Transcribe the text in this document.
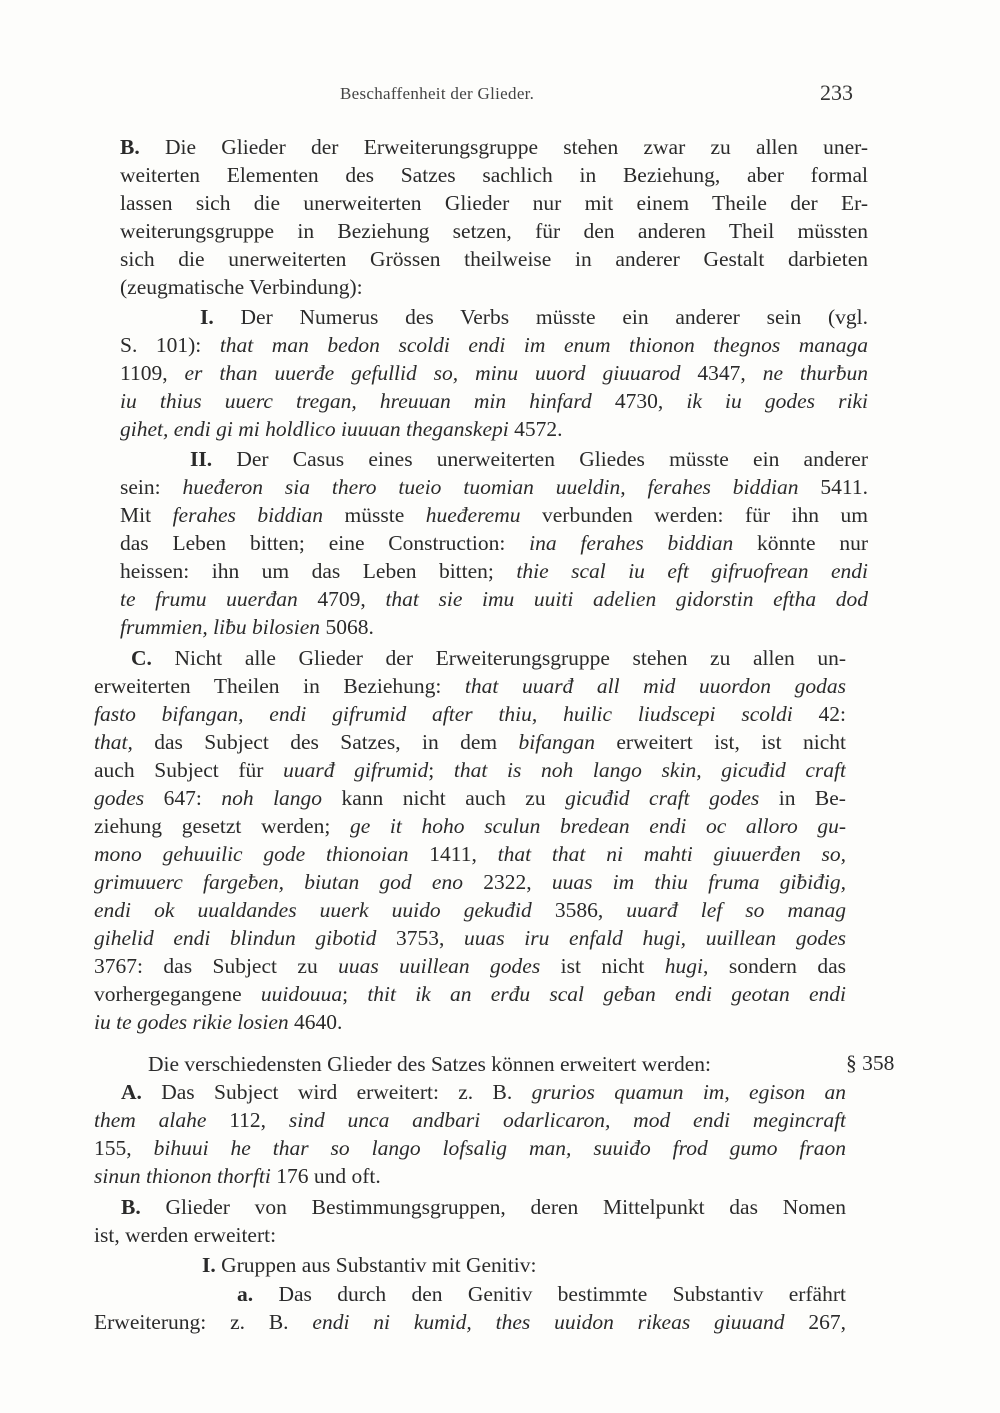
Beschaffenheit der Glieder.	233
B. Die Glieder der Erweiterungsgruppe stehen zwar zu allen uner-
weiterten Elementen des Satzes sachlich in Beziehung, aber formal
lassen sich die unerweiterten Glieder nur mit einem Theile der Er-
weiterungsgruppe in Beziehung setzen, für den anderen Theil müssten
sich die unerweiterten Grössen theilweise in anderer Gestalt darbieten
(zeugmatische Verbindung):
I. Der Numerus des Verbs müsste ein anderer sein (vgl.
S. 101): that man bedon scoldi endi im enum thionon thegnos managa
1109, er than uuerđe gefullid so, minu uuord giuuarod 4347, ne thurƀun
iu thius uuerc tregan, hreuuan min hinfard 4730, ik iu godes riki
gihet, endi gi mi holdlico iuuuan theganskepi 4572.
II. Der Casus eines unerweiterten Gliedes müsste ein anderer
sein: hueđeron sia thero tueio tuomian uueldin, ferahes biddian 5411.
Mit ferahes biddian müsste hueđeremu verbunden werden: für ihn um
das Leben bitten; eine Construction: ina ferahes biddian könnte nur
heissen: ihn um das Leben bitten; thie scal iu eft gifruofrean endi
te frumu uuerđan 4709, that sie imu uuiti adelien gidorstin eftha dod
frummien, liƀu bilosien 5068.
C. Nicht alle Glieder der Erweiterungsgruppe stehen zu allen un-
erweiterten Theilen in Beziehung: that uuarđ all mid uuordon godas
fasto bifangan, endi gifrumid after thiu, huilic liudscepi scoldi 42:
that, das Subject des Satzes, in dem bifangan erweitert ist, ist nicht
auch Subject für uuarđ gifrumid; that is noh lango skin, gicuđid craft
godes 647: noh lango kann nicht auch zu gicuđid craft godes in Be-
ziehung gesetzt werden; ge it hoho sculun bredean endi oc alloro gu-
mono gehuuilic gode thionoian 1411, that that ni mahti giuuerđen so,
grimuuerc fargeƀen, biutan god eno 2322, uuas im thiu fruma giƀiđig,
endi ok uualdandes uuerk uuido gekuđid 3586, uuarđ lef so manag
gihelid endi blindun gibotid 3753, uuas iru enfald hugi, uuillean godes
3767: das Subject zu uuas uuillean godes ist nicht hugi, sondern das
vorhergegangene uuidouua; thit ik an erđu scal geƀan endi geotan endi
iu te godes rikie losien 4640.
Die verschiedensten Glieder des Satzes können erweitert werden:
A. Das Subject wird erweitert: z. B. grurios quamun im, egison an
them alahe 112, sind unca andbari odarlicaron, mod endi megincraft
155, bihuui he thar so lango lofsalig man, suuiđo frod gumo fraon
sinun thionon thorfti 176 und oft.
B. Glieder von Bestimmungsgruppen, deren Mittelpunkt das Nomen
ist, werden erweitert:
I. Gruppen aus Substantiv mit Genitiv:
a. Das durch den Genitiv bestimmte Substantiv erfährt
Erweiterung: z. B. endi ni kumid, thes uuidon rikeas giuuand 267,
§ 358
